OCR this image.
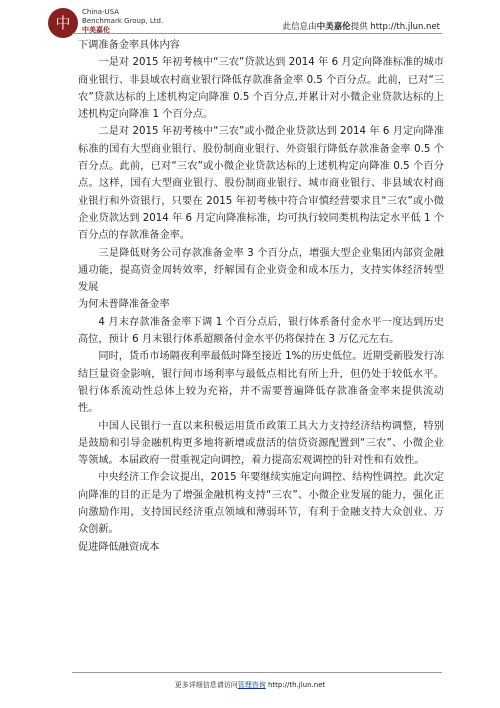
中
China-USA
Benchmark Group, Ltd.
中美嘉伦	此信息由中美嘉伦提供 http://th.jlun.net

下调准备金率具体内容

一是对 2015 年初考核中“三农”贷款达到 2014 年 6 月定向降准标准的城市商业银行、非县域农村商业银行降低存款准备金率 0.5 个百分点。此前，已对“三农”贷款达标的上述机构定向降准 0.5 个百分点,并累计对小微企业贷款达标的上述机构定向降准 1 个百分点。

二是对 2015 年初考核中“三农”或小微企业贷款达到 2014 年 6 月定向降准标准的国有大型商业银行、股份制商业银行、外资银行降低存款准备金率 0.5 个百分点。此前，已对“三农”或小微企业贷款达标的上述机构定向降准 0.5 个百分点。这样，国有大型商业银行、股份制商业银行、城市商业银行、非县域农村商业银行和外资银行，只要在 2015 年初考核中符合审慎经营要求且“三农”或小微企业贷款达到 2014 年 6 月定向降准标准，均可执行较同类机构法定水平低 1 个百分点的存款准备金率。

三是降低财务公司存款准备金率 3 个百分点，增强大型企业集团内部资金融通功能，提高资金周转效率，纾解国有企业资金和成本压力，支持实体经济转型发展

为何未普降准备金率

4 月末存款准备金率下调 1 个百分点后，银行体系备付金水平一度达到历史高位，预计 6 月末银行体系超额备付金水平仍将保持在 3 万亿元左右。

同时，货币市场隔夜利率最低时降至接近 1%的历史低位。近期受新股发行冻结巨量资金影响，银行间市场利率与最低点相比有所上升，但仍处于较低水平。银行体系流动性总体上较为充裕，并不需要普遍降低存款准备金率来提供流动性。

中国人民银行一直以来积极运用货币政策工具大力支持经济结构调整，特别是鼓励和引导金融机构更多地将新增或盘活的信贷资源配置到“三农”、小微企业等领域。本届政府一贯重视定向调控，着力提高宏观调控的针对性和有效性。

中央经济工作会议提出，2015 年要继续实施定向调控、结构性调控。此次定向降准的目的正是为了增强金融机构支持“三农”、小微企业发展的能力，强化正向激励作用，支持国民经济重点领域和薄弱环节，有利于金融支持大众创业、万众创新。

促进降低融资成本

更多详细信息请访问管理咨询 http://th.jlun.net
